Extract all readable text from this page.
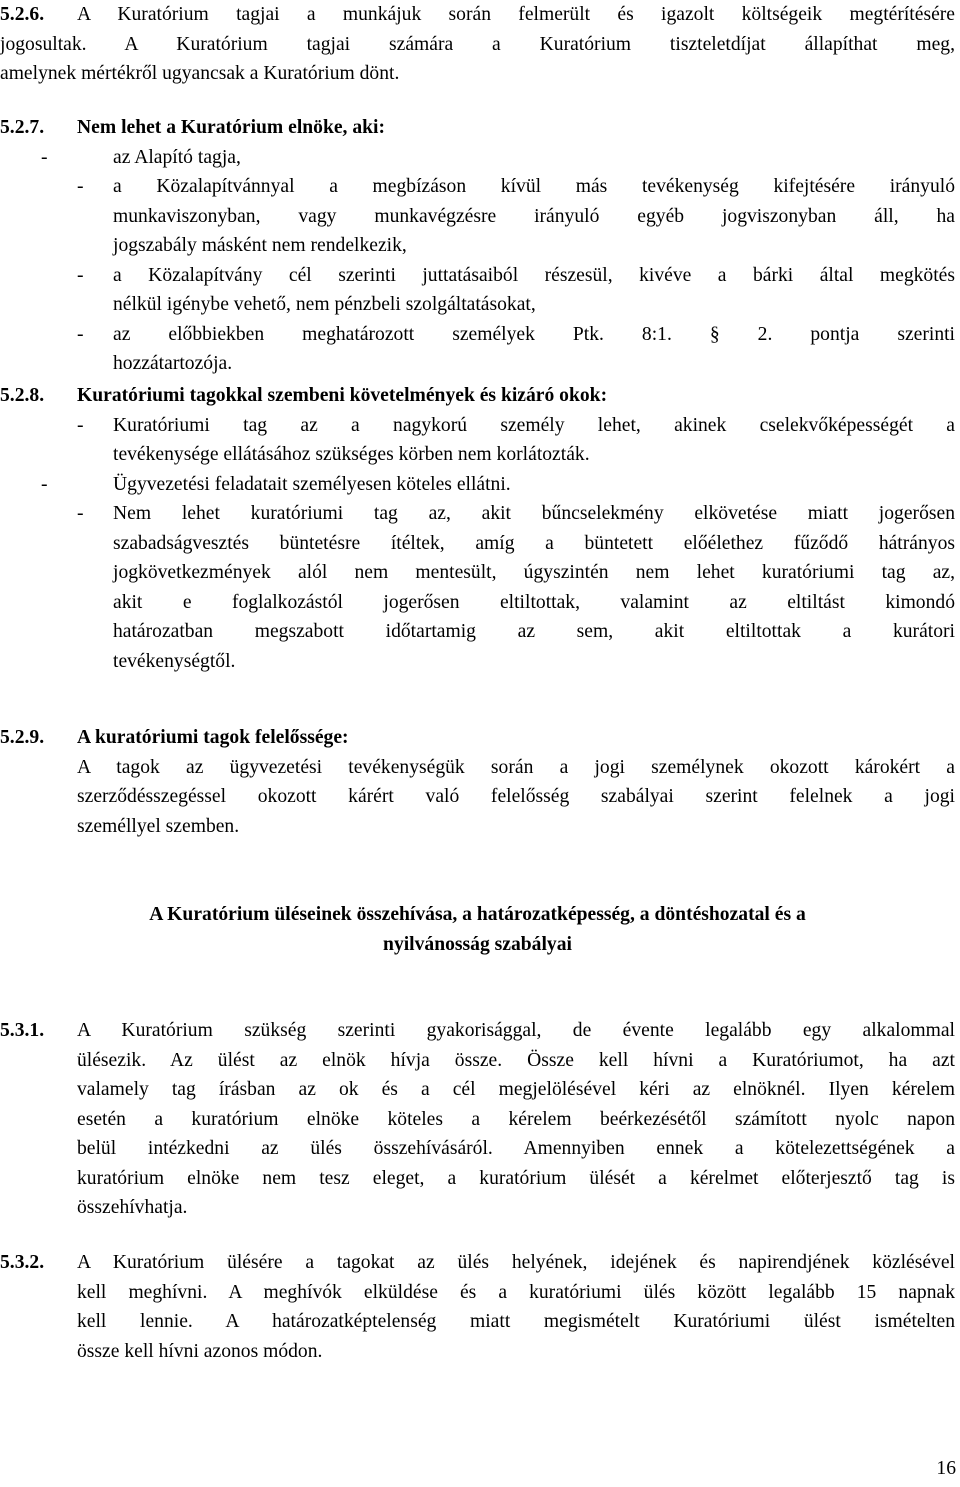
5.2.6. A Kuratórium tagjai a munkájuk során felmerült és igazolt költségeik megtérítésére
jogosultak. A Kuratórium tagjai számára a Kuratórium tiszteletdíjat állapíthat meg,
amelynek mértékről ugyancsak a Kuratórium dönt.
5.2.7. Nem lehet a Kuratórium elnöke, aki:
-	az Alapító tagja,
- a Közalapítvánnyal a megbízáson kívül más tevékenység kifejtésére irányuló
munkaviszonyban, vagy munkavégzésre irányuló egyéb jogviszonyban áll, ha
jogszabály másként nem rendelkezik,
- a Közalapítvány cél szerinti juttatásaiból részesül, kivéve a bárki által megkötés
nélkül igénybe vehető, nem pénzbeli szolgáltatásokat,
- az előbbiekben meghatározott személyek Ptk. 8:1. § 2. pontja szerinti
hozzátartozója.
5.2.8. Kuratóriumi tagokkal szembeni követelmények és kizáró okok:
- Kuratóriumi tag az a nagykorú személy lehet, akinek cselekvőképességét a
tevékenysége ellátásához szükséges körben nem korlátozták.
-	Ügyvezetési feladatait személyesen köteles ellátni.
- Nem lehet kuratóriumi tag az, akit bűncselekmény elkövetése miatt jogerősen
szabadságvesztés büntetésre ítéltek, amíg a büntetett előélethez fűződő hátrányos
jogkövetkezmények alól nem mentesült, úgyszintén nem lehet kuratóriumi tag az,
akit e foglalkozástól jogerősen eltiltottak, valamint az eltiltást kimondó
határozatban megszabott időtartamig az sem, akit eltiltottak a kurátori
tevékenységtől.
5.2.9. A kuratóriumi tagok felelőssége:
A tagok az ügyvezetési tevékenységük során a jogi személynek okozott károkért a
szerződésszegéssel okozott kárért való felelősség szabályai szerint felelnek a jogi
személlyel szemben.
A Kuratórium üléseinek összehívása, a határozatképesség, a döntéshozatal és a
nyilvánosság szabályai
5.3.1. A Kuratórium szükség szerinti gyakorisággal, de évente legalább egy alkalommal
ülésezik. Az ülést az elnök hívja össze. Össze kell hívni a Kuratóriumot, ha azt
valamely tag írásban az ok és a cél megjelölésével kéri az elnöknél. Ilyen kérelem
esetén a kuratórium elnöke köteles a kérelem beérkezésétől számított nyolc napon
belül intézkedni az ülés összehívásáról. Amennyiben ennek a kötelezettségének a
kuratórium elnöke nem tesz eleget, a kuratórium ülését a kérelmet előterjesztő tag is
összehívhatja.
5.3.2. A Kuratórium ülésére a tagokat az ülés helyének, idejének és napirendjének közlésével
kell meghívni. A meghívók elküldése és a kuratóriumi ülés között legalább 15 napnak
kell lennie. A határozatképtelenség miatt megismételt Kuratóriumi ülést ismételten
össze kell hívni azonos módon.
16
